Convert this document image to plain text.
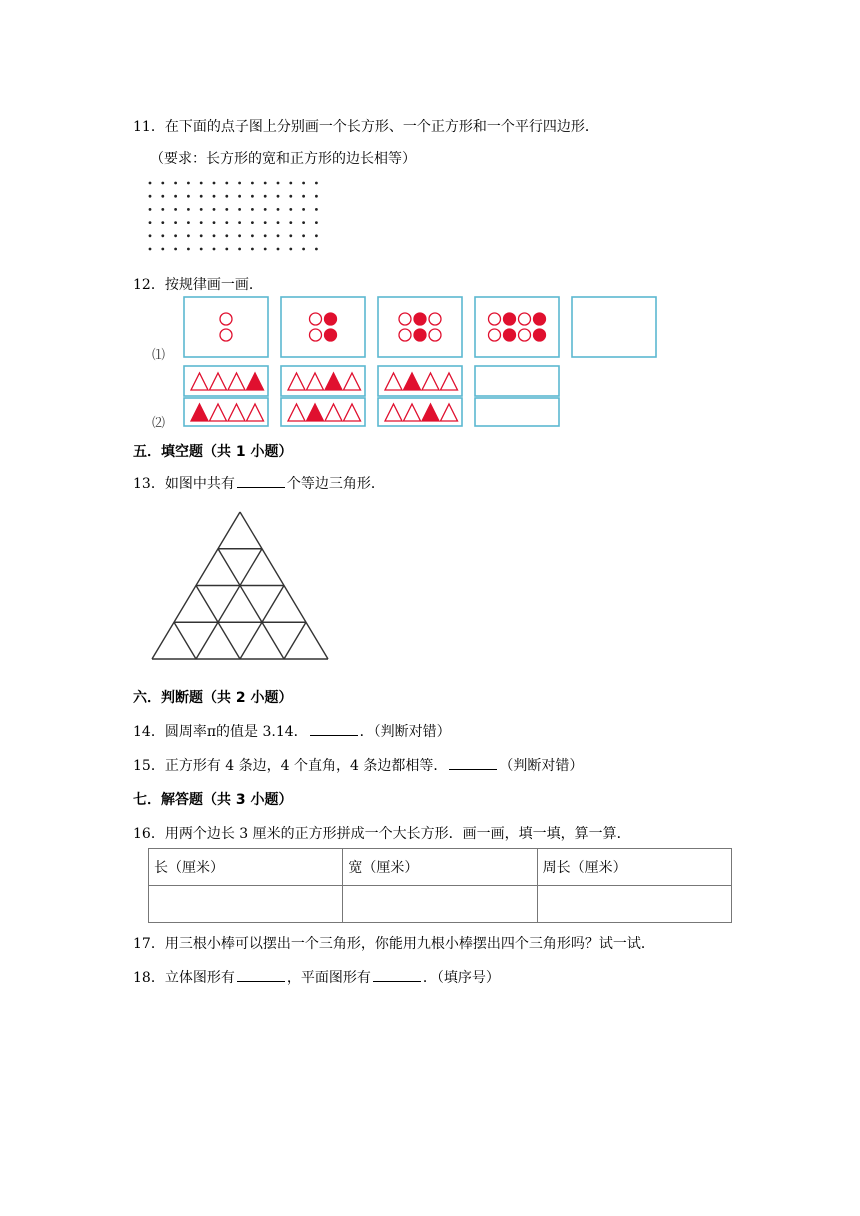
11．在下面的点子图上分别画一个长方形、一个正方形和一个平行四边形．
（要求：长方形的宽和正方形的边长相等）
12．按规律画一画．
⑴
⑵
五．填空题（共 1 小题）
13．如图中共有	个等边三角形．
六．判断题（共 2 小题）
14．圆周率π的值是 3.14．	．（判断对错）
15．正方形有 4 条边，4 个直角，4 条边都相等．	（判断对错）
七．解答题（共 3 小题）
16．用两个边长 3 厘米的正方形拼成一个大长方形．画一画，填一填，算一算．
长（厘米）	宽（厘米）	周长（厘米）

17．用三根小棒可以摆出一个三角形，你能用九根小棒摆出四个三角形吗？试一试．
18．立体图形有	，平面图形有	．（填序号）
